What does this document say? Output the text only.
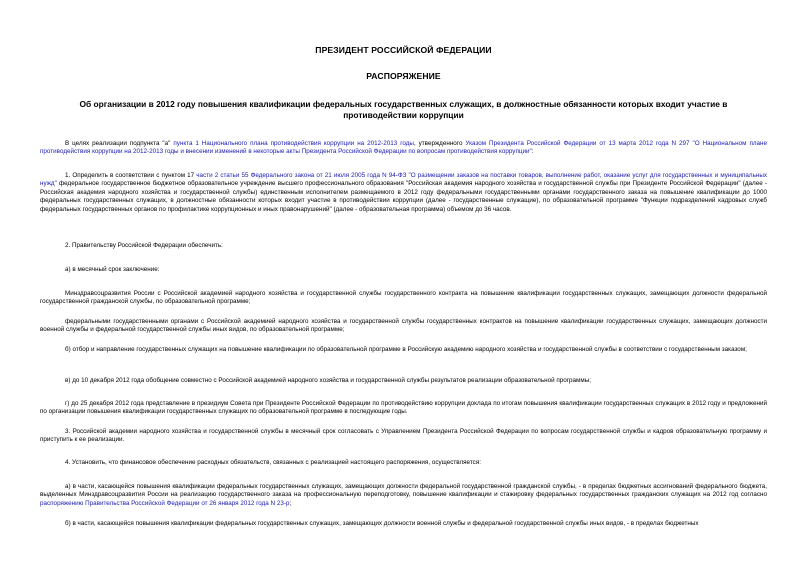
ПРЕЗИДЕНТ РОССИЙСКОЙ ФЕДЕРАЦИИ
РАСПОРЯЖЕНИЕ
Об организации в 2012 году повышения квалификации федеральных государственных служащих, в должностные обязанности которых входит участие в противодействии коррупции

В целях реализации подпункта "а" пункта 1 Национального плана противодействия коррупции на 2012-2013 годы, утвержденного Указом Президента Российской Федерации от 13 марта 2012 года N 297 "О Национальном плане противодействия коррупции на 2012-2013 годы и внесении изменений в некоторые акты Президента Российской Федерации по вопросам противодействия коррупции":

1. Определить в соответствии с пунктом 17 части 2 статьи 55 Федерального закона от 21 июля 2005 года N 94-ФЗ "О размещении заказов на поставки товаров, выполнение работ, оказание услуг для государственных и муниципальных нужд" федеральное государственное бюджетное образовательное учреждение высшего профессионального образования "Российская академия народного хозяйства и государственной службы при Президенте Российской Федерации" (далее - Российская академия народного хозяйства и государственной службы) единственным исполнителем размещаемого в 2012 году федеральными государственными органами государственного заказа на повышение квалификации до 1000 федеральных государственных служащих, в должностные обязанности которых входит участие в противодействии коррупции (далее - государственные служащие), по образовательной программе "Функции подразделений кадровых служб федеральных государственных органов по профилактике коррупционных и иных правонарушений" (далее - образовательная программа) объемом до 36 часов.

2. Правительству Российской Федерации обеспечить:

а) в месячный срок заключение:

Минздравсоцразвития России с Российской академией народного хозяйства и государственной службы государственного контракта на повышение квалификации государственных служащих, замещающих должности федеральной государственной гражданской службы, по образовательной программе;

федеральными государственными органами с Российской академией народного хозяйства и государственной службы государственных контрактов на повышение квалификации государственных служащих, замещающих должности военной службы и федеральной государственной службы иных видов, по образовательной программе;

б) отбор и направление государственных служащих на повышение квалификации по образовательной программе в Российскую академию народного хозяйства и государственной службы в соответствии с государственным заказом;

в) до 10 декабря 2012 года обобщение совместно с Российской академией народного хозяйства и государственной службы результатов реализации образовательной программы;

г) до 25 декабря 2012 года представление в президиум Совета при Президенте Российской Федерации по противодействию коррупции доклада по итогам повышения квалификации государственных служащих в 2012 году и предложений по организации повышения квалификации государственных служащих по образовательной программе в последующие годы.

3. Российской академии народного хозяйства и государственной службы в месячный срок согласовать с Управлением Президента Российской Федерации по вопросам государственной службы и кадров образовательную программу и приступить к ее реализации.

4. Установить, что финансовое обеспечение расходных обязательств, связанных с реализацией настоящего распоряжения, осуществляется:

а) в части, касающейся повышения квалификации федеральных государственных служащих, замещающих должности федеральной государственной гражданской службы, - в пределах бюджетных ассигнований федерального бюджета, выделенных Минздравсоцразвития России на реализацию государственного заказа на профессиональную переподготовку, повышение квалификации и стажировку федеральных государственных гражданских служащих на 2012 год согласно распоряжению Правительства Российской Федерации от 26 января 2012 года N 23-р;

б) в части, касающейся повышения квалификации федеральных государственных служащих, замещающих должности военной службы и федеральной государственной службы иных видов, - в пределах бюджетных
